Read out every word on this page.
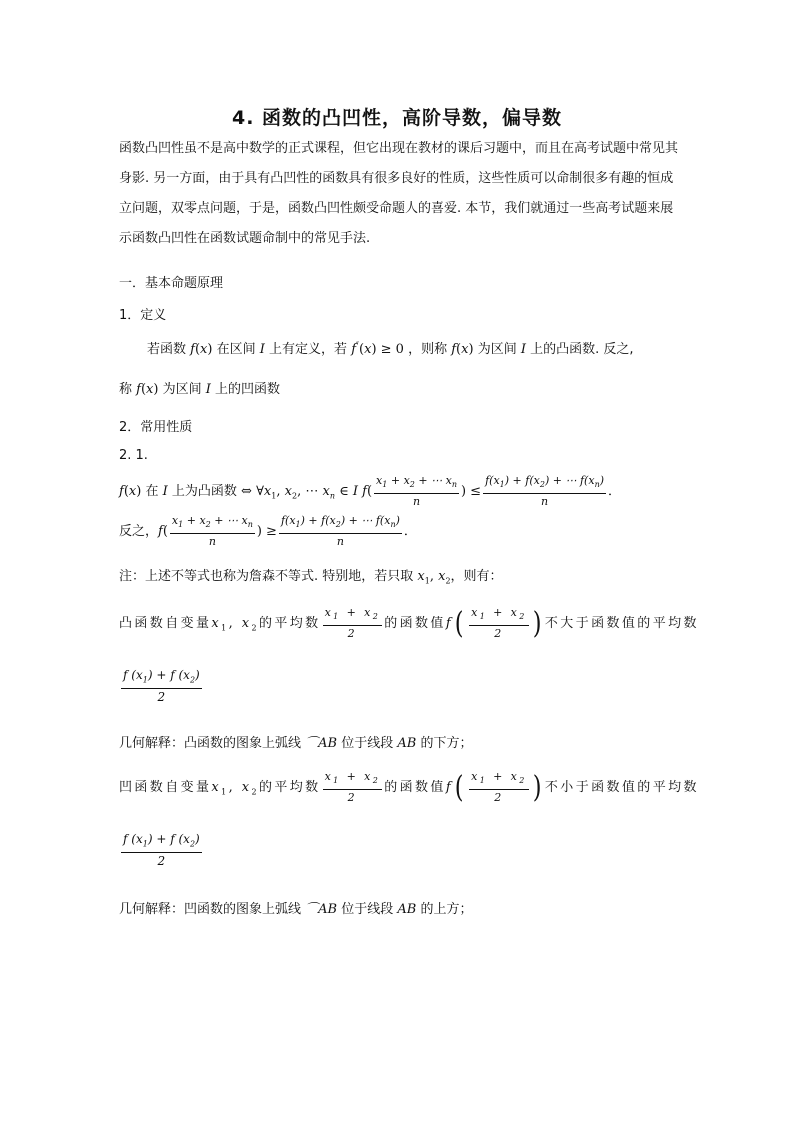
4. 函数的凸凹性，高阶导数，偏导数
函数凸凹性虽不是高中数学的正式课程，但它出现在教材的课后习题中，而且在高考试题中常见其身影. 另一方面，由于具有凸凹性的函数具有很多良好的性质，这些性质可以命制很多有趣的恒成立问题，双零点问题，于是，函数凸凹性颇受命题人的喜爱. 本节，我们就通过一些高考试题来展示函数凸凹性在函数试题命制中的常见手法.
一．基本命题原理
1．定义
若函数 f(x) 在区间 I 上有定义，若 f″(x) ≥ 0 ，则称 f(x) 为区间 I 上的凸函数. 反之,
称 f(x) 为区间 I 上的凹函数
2．常用性质
2. 1.
f(x) 在 I 上为凸函数 ⇔ $\forall x_1$, $x_2$, ⋯ $x_n$ ∈ I $f( \frac{x_1 + x_2 + \cdots x_n}{n}$ ) ≤ $\frac{f(x_1) + f(x_2) + \cdots f(x_n)}{n}$ ．
反之，$f( \frac{x_1 + x_2 + \cdots x_n}{n}$ ) ≥ $\frac{f(x_1) + f(x_2) + \cdots f(x_n)}{n}$ ．
注：上述不等式也称为詹森不等式. 特别地，若只取 $x_1$, $x_2$，则有：
凸函数自变量$x_1$, $x_2$的平均数 $\frac{x_1 + x_2}{2}$ 的函数值$f( \frac{x_1 + x_2}{2}$ ) 不大于函数值的平均数
$\frac{f (x_1) + f (x_2)}{2}$
几何解释：凸函数的图象上弧线 ⌒AB 位于线段 AB 的下方；
凹函数自变量$x_1$, $x_2$的平均数 $\frac{x_1 + x_2}{2}$ 的函数值$f( \frac{x_1 + x_2}{2}$ ) 不小于函数值的平均数
$\frac{f (x_1) + f (x_2)}{2}$
几何解释：凹函数的图象上弧线 ⌒AB 位于线段 AB 的上方；
